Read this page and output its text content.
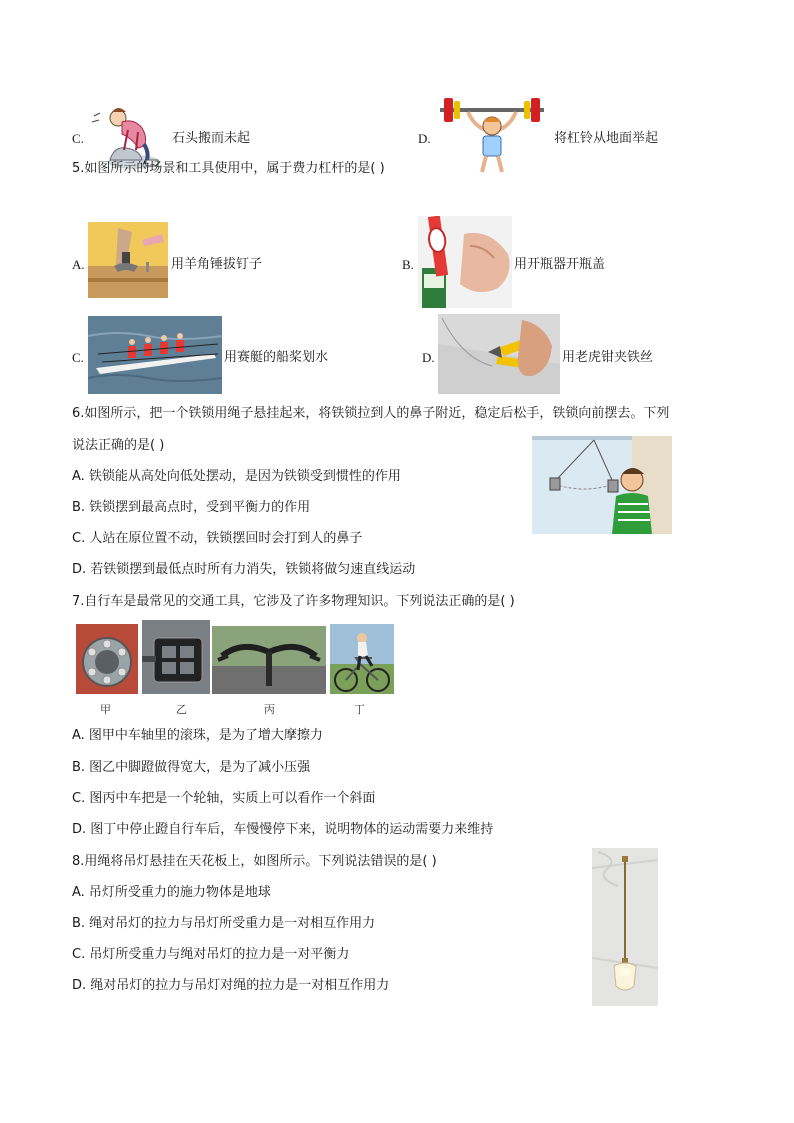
C.	石头搬而未起	D.	将杠铃从地面举起
5.如图所示的场景和工具使用中，属于费力杠杆的是( )
A.	用羊角锤拔钉子	B.	用开瓶器开瓶盖
C.	用赛艇的船桨划水	D.	用老虎钳夹铁丝
6.如图所示，把一个铁锁用绳子悬挂起来，将铁锁拉到人的鼻子附近，稳定后松手，铁锁向前摆去。下列
说法正确的是( )
A. 铁锁能从高处向低处摆动，是因为铁锁受到惯性的作用
B. 铁锁摆到最高点时，受到平衡力的作用
C. 人站在原位置不动，铁锁摆回时会打到人的鼻子
D. 若铁锁摆到最低点时所有力消失，铁锁将做匀速直线运动
7.自行车是最常见的交通工具，它涉及了许多物理知识。下列说法正确的是( )
甲	乙	丙	丁
A. 图甲中车轴里的滚珠，是为了增大摩擦力
B. 图乙中脚蹬做得宽大，是为了减小压强
C. 图丙中车把是一个轮轴，实质上可以看作一个斜面
D. 图丁中停止蹬自行车后，车慢慢停下来，说明物体的运动需要力来维持
8.用绳将吊灯悬挂在天花板上，如图所示。下列说法错误的是( )
A. 吊灯所受重力的施力物体是地球
B. 绳对吊灯的拉力与吊灯所受重力是一对相互作用力
C. 吊灯所受重力与绳对吊灯的拉力是一对平衡力
D. 绳对吊灯的拉力与吊灯对绳的拉力是一对相互作用力
